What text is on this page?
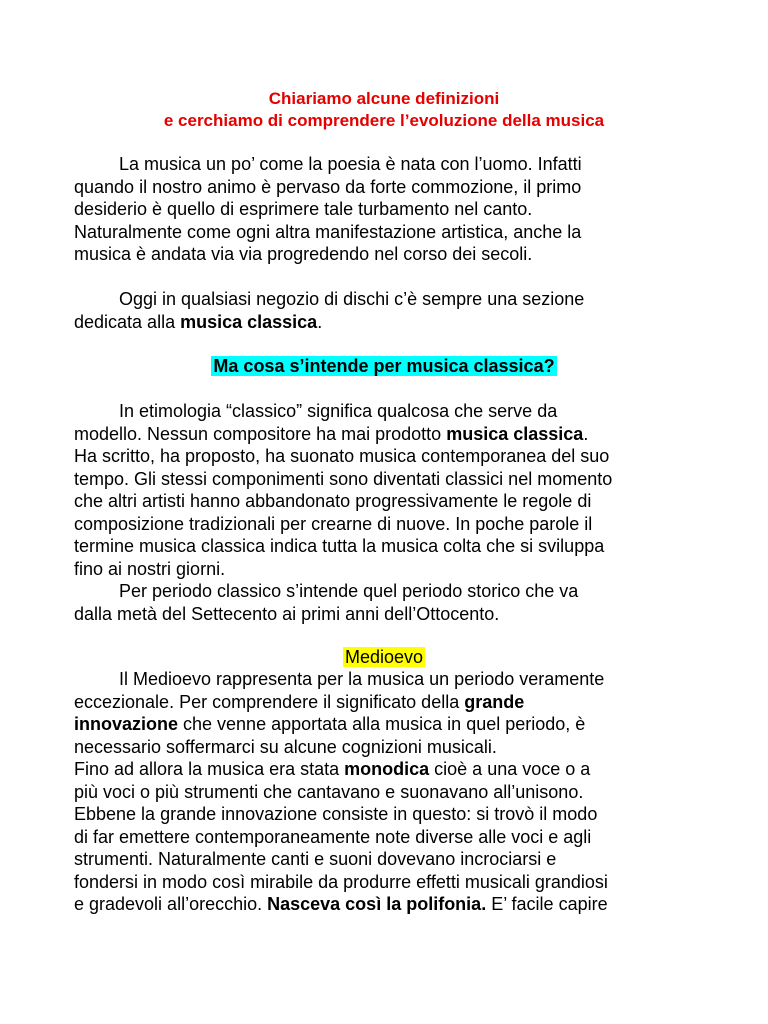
Chiariamo alcune definizioni
e cerchiamo di comprendere l’evoluzione della musica
La musica un po’ come la poesia è nata con l’uomo. Infatti
quando il nostro animo è pervaso da forte commozione, il primo
desiderio è quello di esprimere tale turbamento nel canto.
Naturalmente come ogni altra manifestazione artistica, anche la
musica è andata via via progredendo nel corso dei secoli.
Oggi in qualsiasi negozio di dischi c’è sempre una sezione
dedicata alla musica classica.
Ma cosa s’intende per musica classica?
In etimologia “classico” significa qualcosa che serve da
modello. Nessun compositore ha mai prodotto musica classica.
Ha scritto, ha proposto, ha suonato musica contemporanea del suo
tempo. Gli stessi componimenti sono diventati classici nel momento
che altri artisti hanno abbandonato progressivamente le regole di
composizione tradizionali per crearne di nuove. In poche parole il
termine musica classica indica tutta la musica colta che si sviluppa
fino ai nostri giorni.
Per periodo classico s’intende quel periodo storico che va
dalla metà del Settecento ai primi anni dell’Ottocento.
Medioevo
Il Medioevo rappresenta per la musica un periodo veramente
eccezionale. Per comprendere il significato della grande
innovazione che venne apportata alla musica in quel periodo, è
necessario soffermarci su alcune cognizioni musicali.
Fino ad allora la musica era stata monodica cioè a una voce o a
più voci o più strumenti che cantavano e suonavano all’unisono.
Ebbene la grande innovazione consiste in questo: si trovò il modo
di far emettere contemporaneamente note diverse alle voci e agli
strumenti. Naturalmente canti e suoni dovevano incrociarsi e
fondersi in modo così mirabile da produrre effetti musicali grandiosi
e gradevoli all’orecchio. Nasceva così la polifonia. E’ facile capire
